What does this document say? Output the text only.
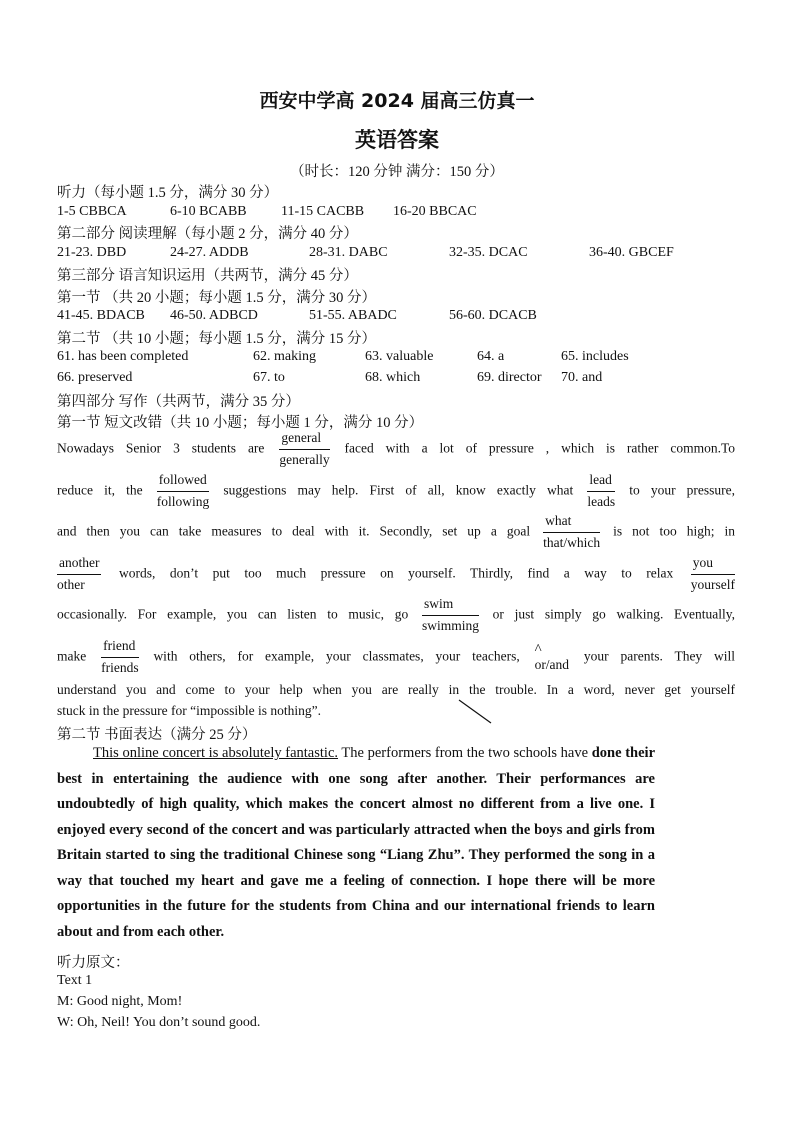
西安中学高 2024 届高三仿真一
英语答案
（时长：120 分钟 满分：150 分）
听力（每小题 1.5 分，满分 30 分）
1-5 CBBCA	6-10 BCABB 11-15 CACBB 16-20 BBCAC
第二部分 阅读理解（每小题 2 分，满分 40 分）
21-23. DBD	24-27. ADDB	28-31. DABC	32-35. DCAC	36-40. GBCEF
第三部分 语言知识运用（共两节，满分 45 分）
第一节 （共 20 小题；每小题 1.5 分，满分 30 分）
41-45. BDACB 46-50. ADBCD	51-55. ABADC	56-60. DCACB
第二节 （共 10 小题；每小题 1.5 分，满分 15 分）
61. has been completed	62. making	63. valuable	64. a	65. includes
66. preserved	67. to	68. which	69. director 70. and
第四部分 写作（共两节，满分 35 分）
第一节 短文改错（共 10 小题；每小题 1 分，满分 10 分）
Nowadays Senior 3 students are $\frac{\text{general}}{\text{generally}}$ faced with a lot of pressure , which is rather common.To
reduce it, the $\frac{\text{followed}}{\text{following}}$ suggestions may help. First of all, know exactly what $\frac{\text{lead}}{\text{leads}}$ to your pressure,
and then you can take measures to deal with it. Secondly, set up a goal $\frac{\text{what}}{\text{that/which}}$ is not too high; in
$\frac{\text{another}}{\text{other}}$ words, don’t put too much pressure on yourself. Thirdly, find a way to relax $\frac{\text{you}}{\text{yourself}}$
occasionally. For example, you can listen to music, go $\frac{\text{swim}}{\text{swimming}}$ or just simply go walking. Eventually,
make $\frac{\text{friend}}{\text{friends}}$ with others, for example, your classmates, your teachers, ^
or/and your parents. They will
understand you and come to your help when you are really in the trouble. In a word, never get yourself
stuck in the pressure for “impossible is nothing”.
第二节 书面表达（满分 25 分）
This online concert is absolutely fantastic. The performers from the two schools have done their best in entertaining the audience with one song after another. Their performances are undoubtedly of high quality, which makes the concert almost no different from a live one. I enjoyed every second of the concert and was particularly attracted when the boys and girls from Britain started to sing the traditional Chinese song “Liang Zhu”. They performed the song in a way that touched my heart and gave me a feeling of connection. I hope there will be more opportunities in the future for the students from China and our international friends to learn about and from each other.
听力原文：
Text 1
M: Good night, Mom!
W: Oh, Neil! You don’t sound good.
